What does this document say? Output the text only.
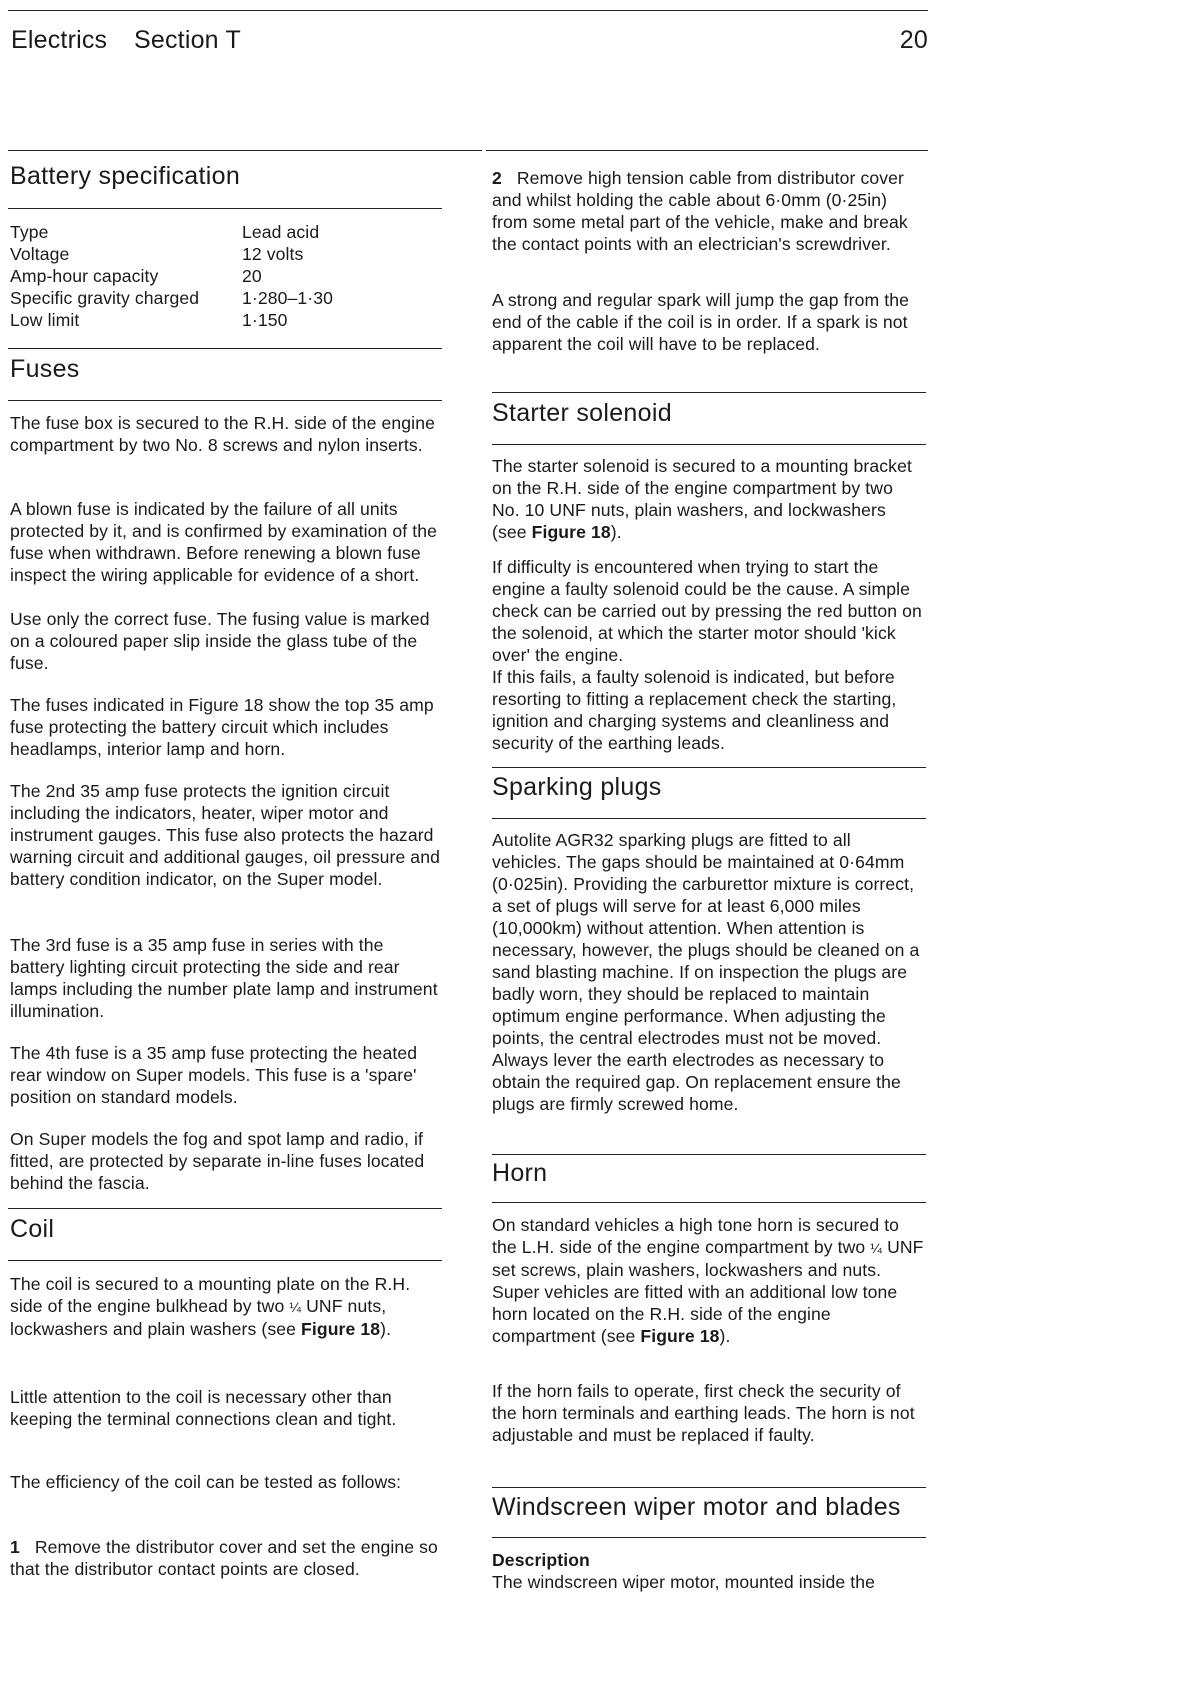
Electrics Section T	20
Battery specification
Type	Lead acid
Voltage	12 volts
Amp-hour capacity	20
Specific gravity charged 1·280–1·30
Low limit	1·150
Fuses

The fuse box is secured to the R.H. side of the engine compartment by two No. 8 screws and nylon inserts.

A blown fuse is indicated by the failure of all units protected by it, and is confirmed by examination of the fuse when withdrawn. Before renewing a blown fuse inspect the wiring applicable for evidence of a short.

Use only the correct fuse. The fusing value is marked on a coloured paper slip inside the glass tube of the fuse.

The fuses indicated in Figure 18 show the top 35 amp fuse protecting the battery circuit which includes headlamps, interior lamp and horn.

The 2nd 35 amp fuse protects the ignition circuit including the indicators, heater, wiper motor and instrument gauges. This fuse also protects the hazard warning circuit and additional gauges, oil pressure and battery condition indicator, on the Super model.

The 3rd fuse is a 35 amp fuse in series with the battery lighting circuit protecting the side and rear lamps including the number plate lamp and instrument illumination.

The 4th fuse is a 35 amp fuse protecting the heated rear window on Super models. This fuse is a 'spare' position on standard models.

On Super models the fog and spot lamp and radio, if fitted, are protected by separate in-line fuses located behind the fascia.

Coil

The coil is secured to a mounting plate on the R.H. side of the engine bulkhead by two ¼ UNF nuts, lockwashers and plain washers (see Figure 18).

Little attention to the coil is necessary other than keeping the terminal connections clean and tight.

The efficiency of the coil can be tested as follows:

1 Remove the distributor cover and set the engine so that the distributor contact points are closed.

2 Remove high tension cable from distributor cover and whilst holding the cable about 6·0mm (0·25in) from some metal part of the vehicle, make and break the contact points with an electrician's screwdriver.

A strong and regular spark will jump the gap from the end of the cable if the coil is in order. If a spark is not apparent the coil will have to be replaced.

Starter solenoid

The starter solenoid is secured to a mounting bracket on the R.H. side of the engine compartment by two No. 10 UNF nuts, plain washers, and lockwashers (see Figure 18).

If difficulty is encountered when trying to start the engine a faulty solenoid could be the cause. A simple check can be carried out by pressing the red button on the solenoid, at which the starter motor should 'kick over' the engine.

If this fails, a faulty solenoid is indicated, but before resorting to fitting a replacement check the starting, ignition and charging systems and cleanliness and security of the earthing leads.

Sparking plugs

Autolite AGR32 sparking plugs are fitted to all vehicles. The gaps should be maintained at 0·64mm (0·025in). Providing the carburettor mixture is correct, a set of plugs will serve for at least 6,000 miles (10,000km) without attention. When attention is necessary, however, the plugs should be cleaned on a sand blasting machine. If on inspection the plugs are badly worn, they should be replaced to maintain optimum engine performance. When adjusting the points, the central electrodes must not be moved. Always lever the earth electrodes as necessary to obtain the required gap. On replacement ensure the plugs are firmly screwed home.

Horn

On standard vehicles a high tone horn is secured to the L.H. side of the engine compartment by two ¼ UNF set screws, plain washers, lockwashers and nuts. Super vehicles are fitted with an additional low tone horn located on the R.H. side of the engine compartment (see Figure 18).

If the horn fails to operate, first check the security of the horn terminals and earthing leads. The horn is not adjustable and must be replaced if faulty.

Windscreen wiper motor and blades

Description

The windscreen wiper motor, mounted inside the
